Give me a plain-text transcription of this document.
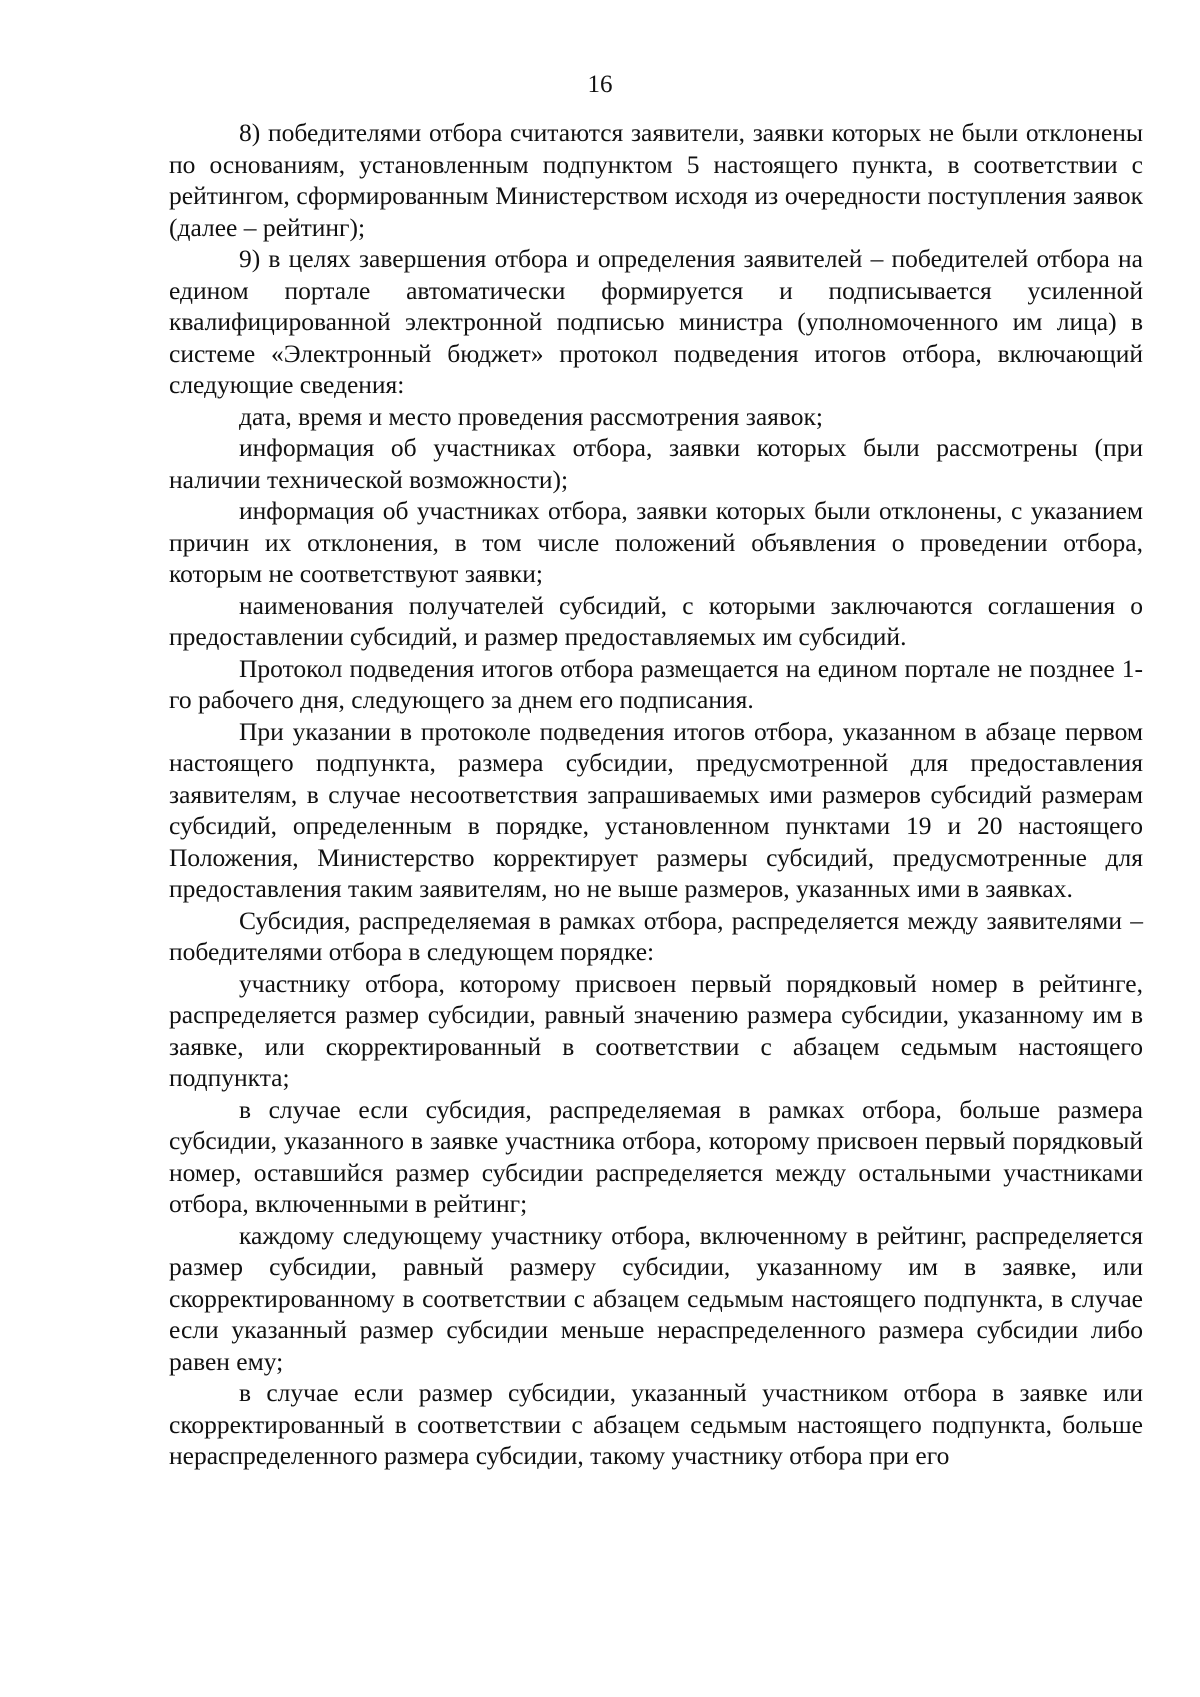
16

8) победителями отбора считаются заявители, заявки которых не были отклонены по основаниям, установленным подпунктом 5 настоящего пункта, в соответствии с рейтингом, сформированным Министерством исходя из очередности поступления заявок (далее – рейтинг);

9) в целях завершения отбора и определения заявителей – победителей отбора на едином портале автоматически формируется и подписывается усиленной квалифицированной электронной подписью министра (уполномоченного им лица) в системе «Электронный бюджет» протокол подведения итогов отбора, включающий следующие сведения:

дата, время и место проведения рассмотрения заявок;

информация об участниках отбора, заявки которых были рассмотрены (при наличии технической возможности);

информация об участниках отбора, заявки которых были отклонены, с указанием причин их отклонения, в том числе положений объявления о проведении отбора, которым не соответствуют заявки;

наименования получателей субсидий, с которыми заключаются соглашения о предоставлении субсидий, и размер предоставляемых им субсидий.

Протокол подведения итогов отбора размещается на едином портале не позднее 1-го рабочего дня, следующего за днем его подписания.

При указании в протоколе подведения итогов отбора, указанном в абзаце первом настоящего подпункта, размера субсидии, предусмотренной для предоставления заявителям, в случае несоответствия запрашиваемых ими размеров субсидий размерам субсидий, определенным в порядке, установленном пунктами 19 и 20 настоящего Положения, Министерство корректирует размеры субсидий, предусмотренные для предоставления таким заявителям, но не выше размеров, указанных ими в заявках.

Субсидия, распределяемая в рамках отбора, распределяется между заявителями – победителями отбора в следующем порядке:

участнику отбора, которому присвоен первый порядковый номер в рейтинге, распределяется размер субсидии, равный значению размера субсидии, указанному им в заявке, или скорректированный в соответствии с абзацем седьмым настоящего подпункта;

в случае если субсидия, распределяемая в рамках отбора, больше размера субсидии, указанного в заявке участника отбора, которому присвоен первый порядковый номер, оставшийся размер субсидии распределяется между остальными участниками отбора, включенными в рейтинг;

каждому следующему участнику отбора, включенному в рейтинг, распределяется размер субсидии, равный размеру субсидии, указанному им в заявке, или скорректированному в соответствии с абзацем седьмым настоящего подпункта, в случае если указанный размер субсидии меньше нераспределенного размера субсидии либо равен ему;

в случае если размер субсидии, указанный участником отбора в заявке или скорректированный в соответствии с абзацем седьмым настоящего подпункта, больше нераспределенного размера субсидии, такому участнику отбора при его
